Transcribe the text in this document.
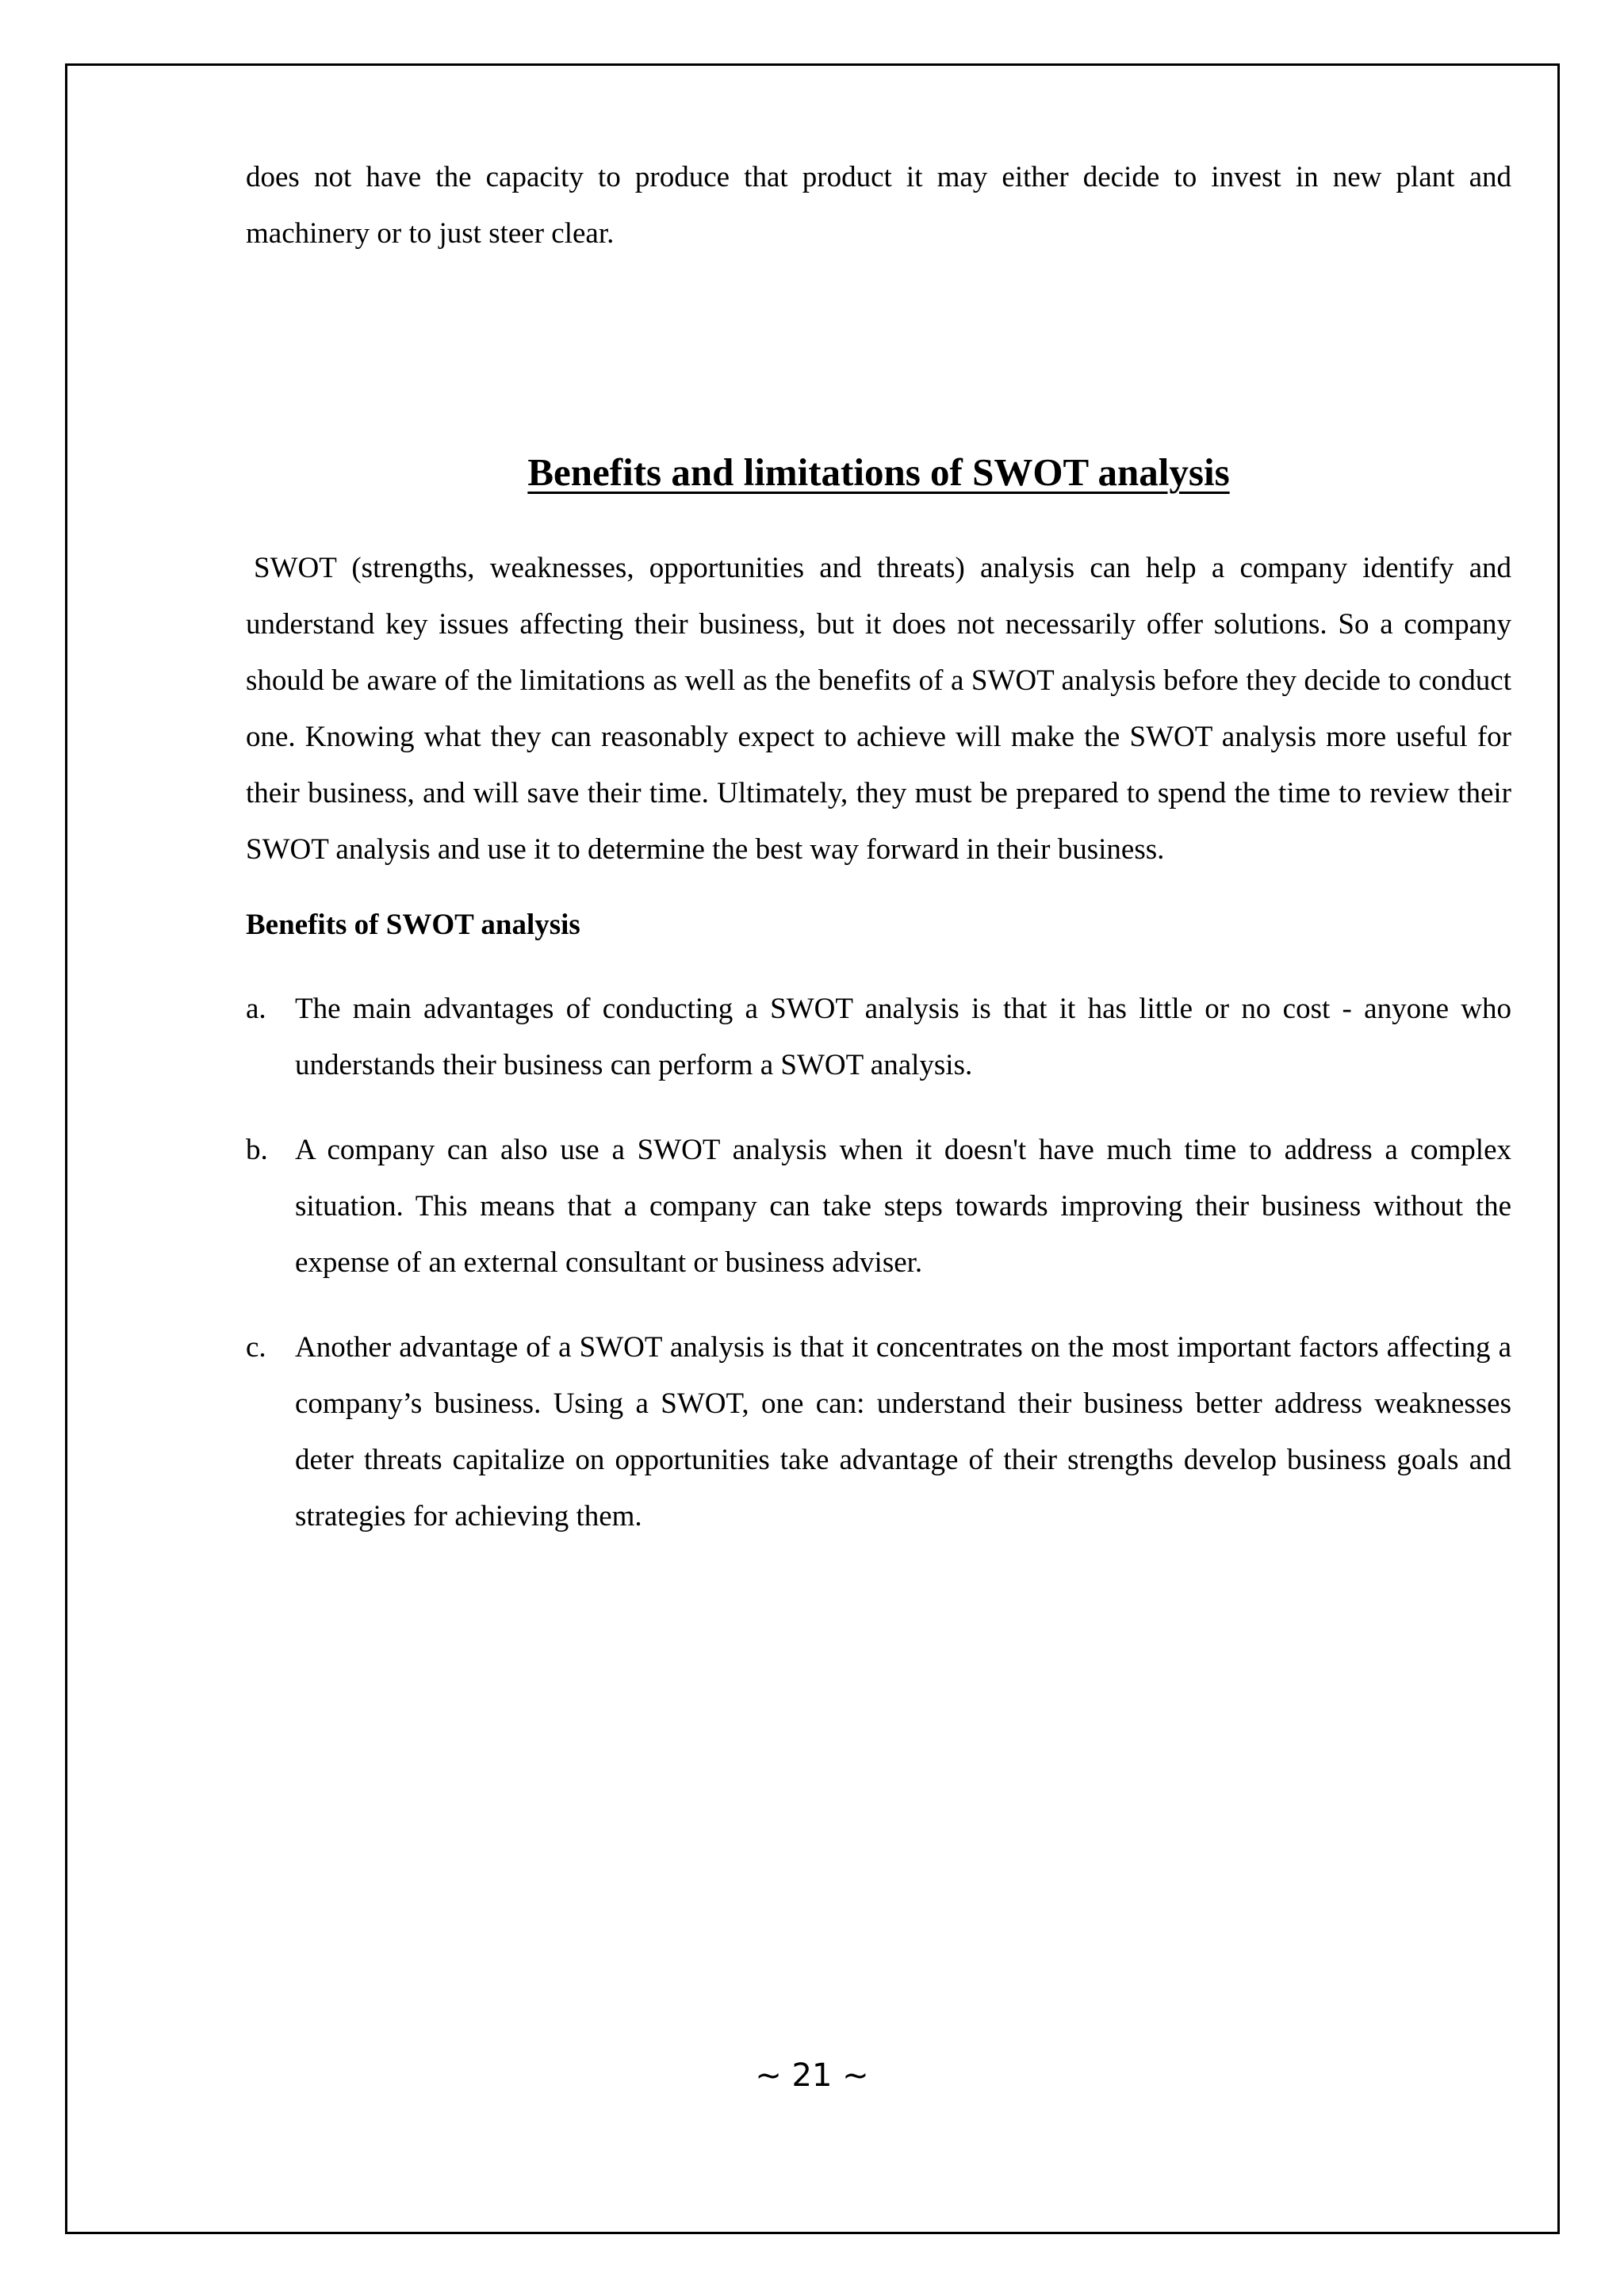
does not have the capacity to produce that product it may either decide to invest in new plant and machinery or to just steer clear.

Benefits and limitations of SWOT analysis

SWOT (strengths, weaknesses, opportunities and threats) analysis can help a company identify and understand key issues affecting their business, but it does not necessarily offer solutions. So a company should be aware of the limitations as well as the benefits of a SWOT analysis before they decide to conduct one. Knowing what they can reasonably expect to achieve will make the SWOT analysis more useful for their business, and will save their time. Ultimately, they must be prepared to spend the time to review their SWOT analysis and use it to determine the best way forward in their business.

Benefits of SWOT analysis
a. The main advantages of conducting a SWOT analysis is that it has little or no cost - anyone who understands their business can perform a SWOT analysis.

b. A company can also use a SWOT analysis when it doesn't have much time to address a complex situation. This means that a company can take steps towards improving their business without the expense of an external consultant or business adviser.

c. Another advantage of a SWOT analysis is that it concentrates on the most important factors affecting a company’s business. Using a SWOT, one can: understand their business better address weaknesses deter threats capitalize on opportunities take advantage of their strengths develop business goals and strategies for achieving them.

~ 21 ~
